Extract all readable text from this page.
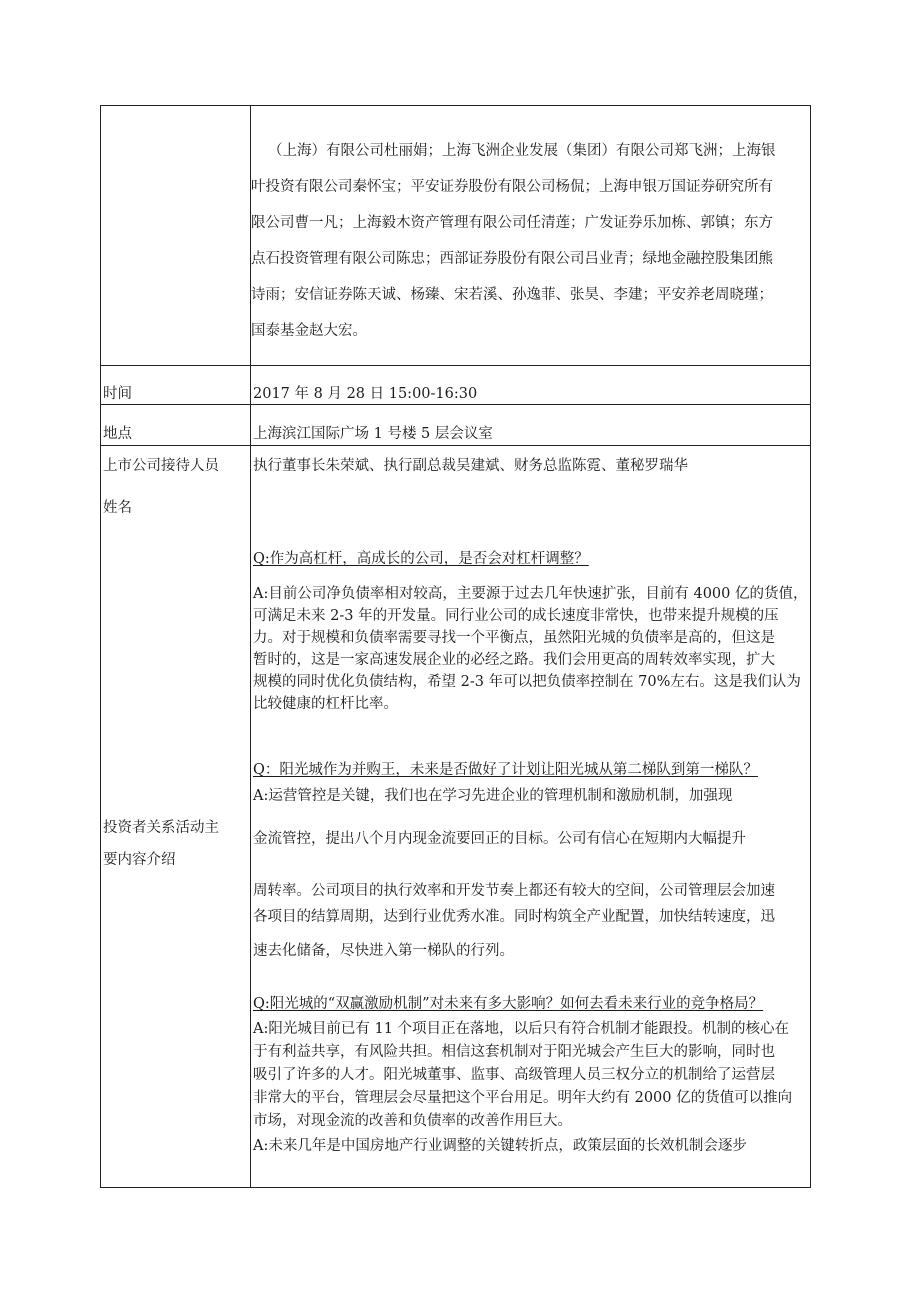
（上海）有限公司杜丽娟；上海飞洲企业发展（集团）有限公司郑飞洲；上海银
叶投资有限公司秦怀宝；平安证券股份有限公司杨侃；上海申银万国证券研究所有
限公司曹一凡；上海毅木资产管理有限公司任清莲；广发证券乐加栋、郭镇；东方
点石投资管理有限公司陈忠；西部证券股份有限公司吕业青；绿地金融控股集团熊
诗雨；安信证券陈天诚、杨臻、宋若溪、孙逸菲、张昊、李建；平安养老周晓瑾；
国泰基金赵大宏。
时间	2017 年 8 月 28 日 15:00-16:30
地点	上海滨江国际广场 1 号楼 5 层会议室
上市公司接待人员
姓名
执行董事长朱荣斌、执行副总裁吴建斌、财务总监陈霓、董秘罗瑞华
投资者关系活动主
要内容介绍
Q:作为高杠杆，高成长的公司，是否会对杠杆调整？
A:目前公司净负债率相对较高，主要源于过去几年快速扩张，目前有 4000 亿的货值，
可满足未来 2-3 年的开发量。同行业公司的成长速度非常快，也带来提升规模的压
力。对于规模和负债率需要寻找一个平衡点，虽然阳光城的负债率是高的，但这是
暂时的，这是一家高速发展企业的必经之路。我们会用更高的周转效率实现，扩大
规模的同时优化负债结构，希望 2-3 年可以把负债率控制在 70%左右。这是我们认为
比较健康的杠杆比率。
Q：阳光城作为并购王，未来是否做好了计划让阳光城从第二梯队到第一梯队？
A:运营管控是关键，我们也在学习先进企业的管理机制和激励机制，加强现
金流管控，提出八个月内现金流要回正的目标。公司有信心在短期内大幅提升
周转率。公司项目的执行效率和开发节奏上都还有较大的空间，公司管理层会加速
各项目的结算周期，达到行业优秀水准。同时构筑全产业配置，加快结转速度，迅
速去化储备，尽快进入第一梯队的行列。
Q:阳光城的“双赢激励机制”对未来有多大影响？如何去看未来行业的竞争格局？
A:阳光城目前已有 11 个项目正在落地，以后只有符合机制才能跟投。机制的核心在
于有利益共享，有风险共担。相信这套机制对于阳光城会产生巨大的影响，同时也
吸引了许多的人才。阳光城董事、监事、高级管理人员三权分立的机制给了运营层
非常大的平台，管理层会尽量把这个平台用足。明年大约有 2000 亿的货值可以推向
市场，对现金流的改善和负债率的改善作用巨大。
A:未来几年是中国房地产行业调整的关键转折点，政策层面的长效机制会逐步
